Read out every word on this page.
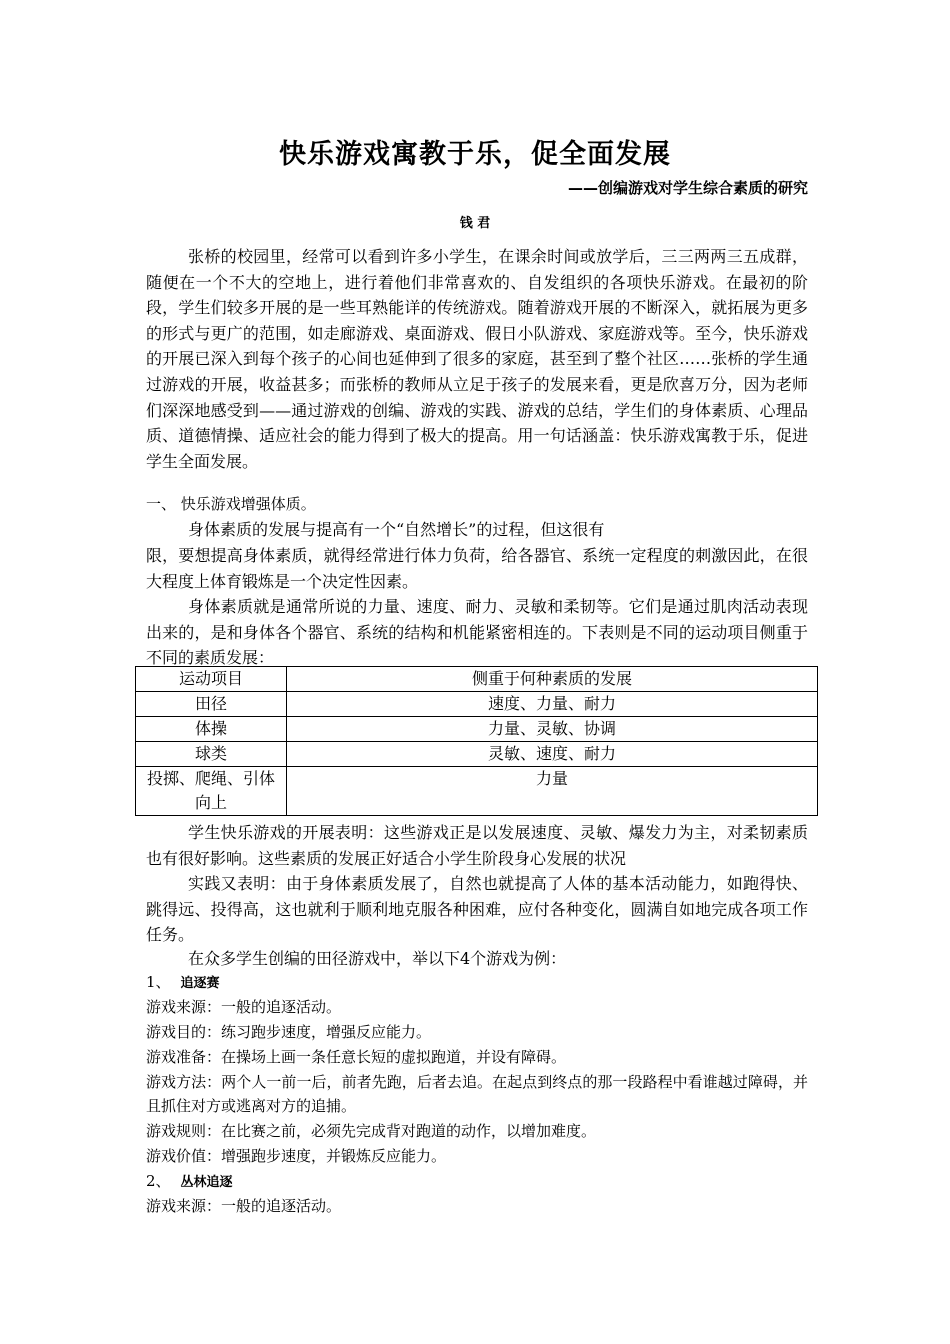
快乐游戏寓教于乐，促全面发展
——创编游戏对学生综合素质的研究
钱 君

张桥的校园里，经常可以看到许多小学生，在课余时间或放学后，三三两两三五成群，随便在一个不大的空地上，进行着他们非常喜欢的、自发组织的各项快乐游戏。在最初的阶段，学生们较多开展的是一些耳熟能详的传统游戏。随着游戏开展的不断深入，就拓展为更多的形式与更广的范围，如走廊游戏、桌面游戏、假日小队游戏、家庭游戏等。至今，快乐游戏的开展已深入到每个孩子的心间也延伸到了很多的家庭，甚至到了整个社区……张桥的学生通过游戏的开展，收益甚多；而张桥的教师从立足于孩子的发展来看，更是欣喜万分，因为老师们深深地感受到——通过游戏的创编、游戏的实践、游戏的总结，学生们的身体素质、心理品质、道德情操、适应社会的能力得到了极大的提高。用一句话涵盖：快乐游戏寓教于乐，促进学生全面发展。

一、 快乐游戏增强体质。

身体素质的发展与提高有一个“自然增长”的过程，但这很有

限，要想提高身体素质，就得经常进行体力负荷，给各器官、系统一定程度的刺激因此，在很大程度上体育锻炼是一个决定性因素。

身体素质就是通常所说的力量、速度、耐力、灵敏和柔韧等。它们是通过肌肉活动表现出来的，是和身体各个器官、系统的结构和机能紧密相连的。下表则是不同的运动项目侧重于不同的素质发展：

运动项目	侧重于何种素质的发展
田径	速度、力量、耐力
体操	力量、灵敏、协调
球类	灵敏、速度、耐力
投掷、爬绳、引体向上	力量

学生快乐游戏的开展表明：这些游戏正是以发展速度、灵敏、爆发力为主，对柔韧素质也有很好影响。这些素质的发展正好适合小学生阶段身心发展的状况

实践又表明：由于身体素质发展了，自然也就提高了人体的基本活动能力，如跑得快、跳得远、投得高，这也就利于顺利地克服各种困难，应付各种变化，圆满自如地完成各项工作任务。

在众多学生创编的田径游戏中，举以下4个游戏为例：

1、 追逐赛
游戏来源：一般的追逐活动。
游戏目的：练习跑步速度，增强反应能力。
游戏准备：在操场上画一条任意长短的虚拟跑道，并设有障碍。
游戏方法：两个人一前一后，前者先跑，后者去追。在起点到终点的那一段路程中看谁越过障碍，并且抓住对方或逃离对方的追捕。
游戏规则：在比赛之前，必须先完成背对跑道的动作，以增加难度。
游戏价值：增强跑步速度，并锻炼反应能力。
2、 丛林追逐
游戏来源：一般的追逐活动。
